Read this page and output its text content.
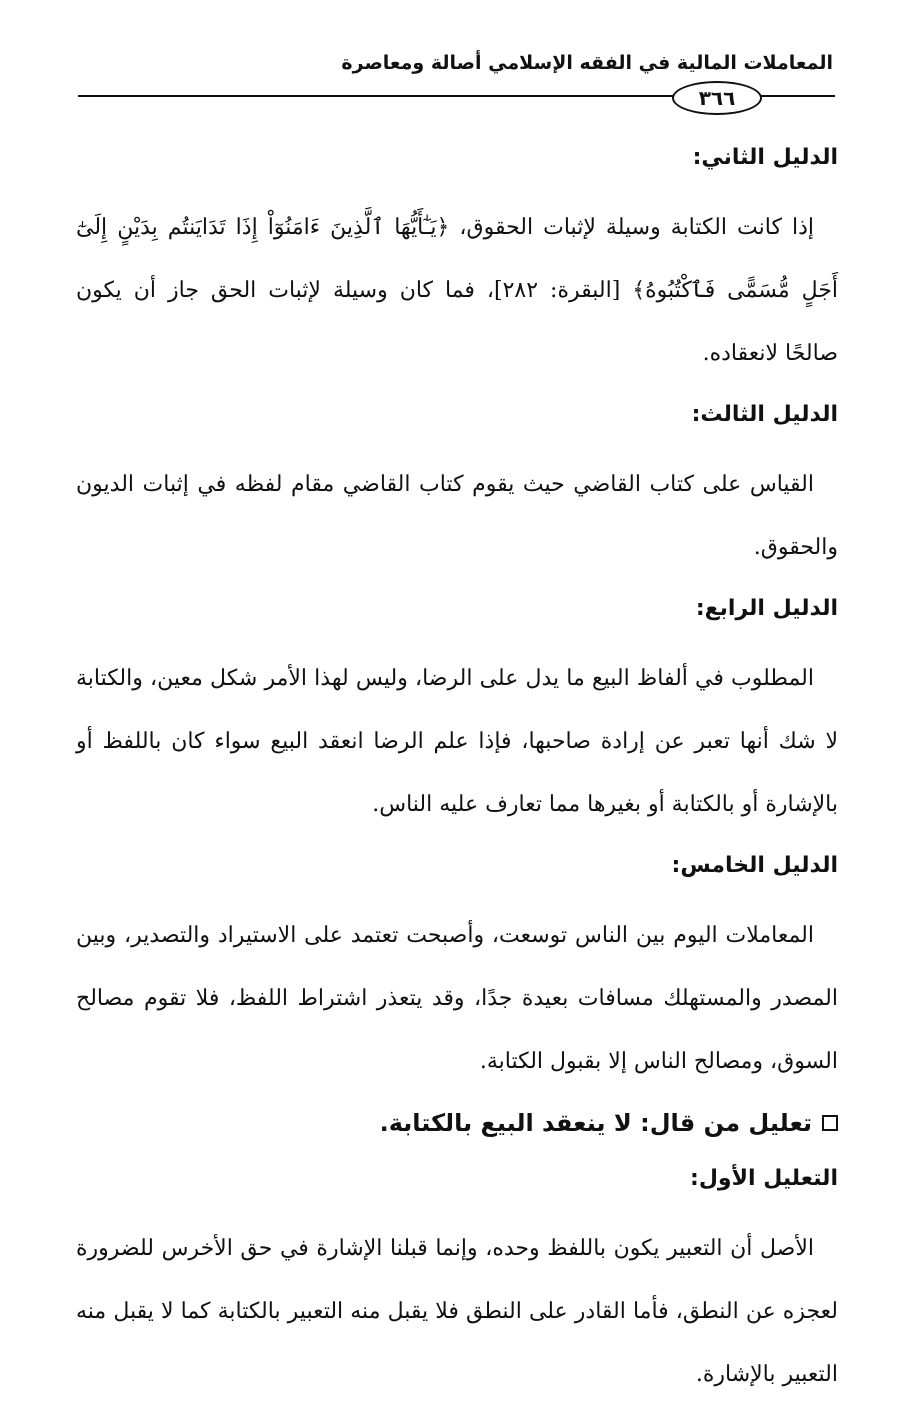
المعاملات المالية في الفقه الإسلامي أصالة ومعاصرة
٣٦٦
الدليل الثاني:

إذا كانت الكتابة وسيلة لإثبات الحقوق، ﴿يَـٰٓأَيُّهَا ٱلَّذِينَ ءَامَنُوٓاْ إِذَا تَدَايَنتُم بِدَيْنٍ إِلَىٰٓ أَجَلٍ مُّسَمًّى فَٱكْتُبُوهُ﴾ [البقرة: ٢٨٢]، فما كان وسيلة لإثبات الحق جاز أن يكون صالحًا لانعقاده.

الدليل الثالث:

القياس على كتاب القاضي حيث يقوم كتاب القاضي مقام لفظه في إثبات الديون والحقوق.

الدليل الرابع:

المطلوب في ألفاظ البيع ما يدل على الرضا، وليس لهذا الأمر شكل معين، والكتابة لا شك أنها تعبر عن إرادة صاحبها، فإذا علم الرضا انعقد البيع سواء كان باللفظ أو بالإشارة أو بالكتابة أو بغيرها مما تعارف عليه الناس.

الدليل الخامس:

المعاملات اليوم بين الناس توسعت، وأصبحت تعتمد على الاستيراد والتصدير، وبين المصدر والمستهلك مسافات بعيدة جدًا، وقد يتعذر اشتراط اللفظ، فلا تقوم مصالح السوق، ومصالح الناس إلا بقبول الكتابة.

تعليل من قال: لا ينعقد البيع بالكتابة.
التعليل الأول:

الأصل أن التعبير يكون باللفظ وحده، وإنما قبلنا الإشارة في حق الأخرس للضرورة لعجزه عن النطق، فأما القادر على النطق فلا يقبل منه التعبير بالكتابة كما لا يقبل منه التعبير بالإشارة.
